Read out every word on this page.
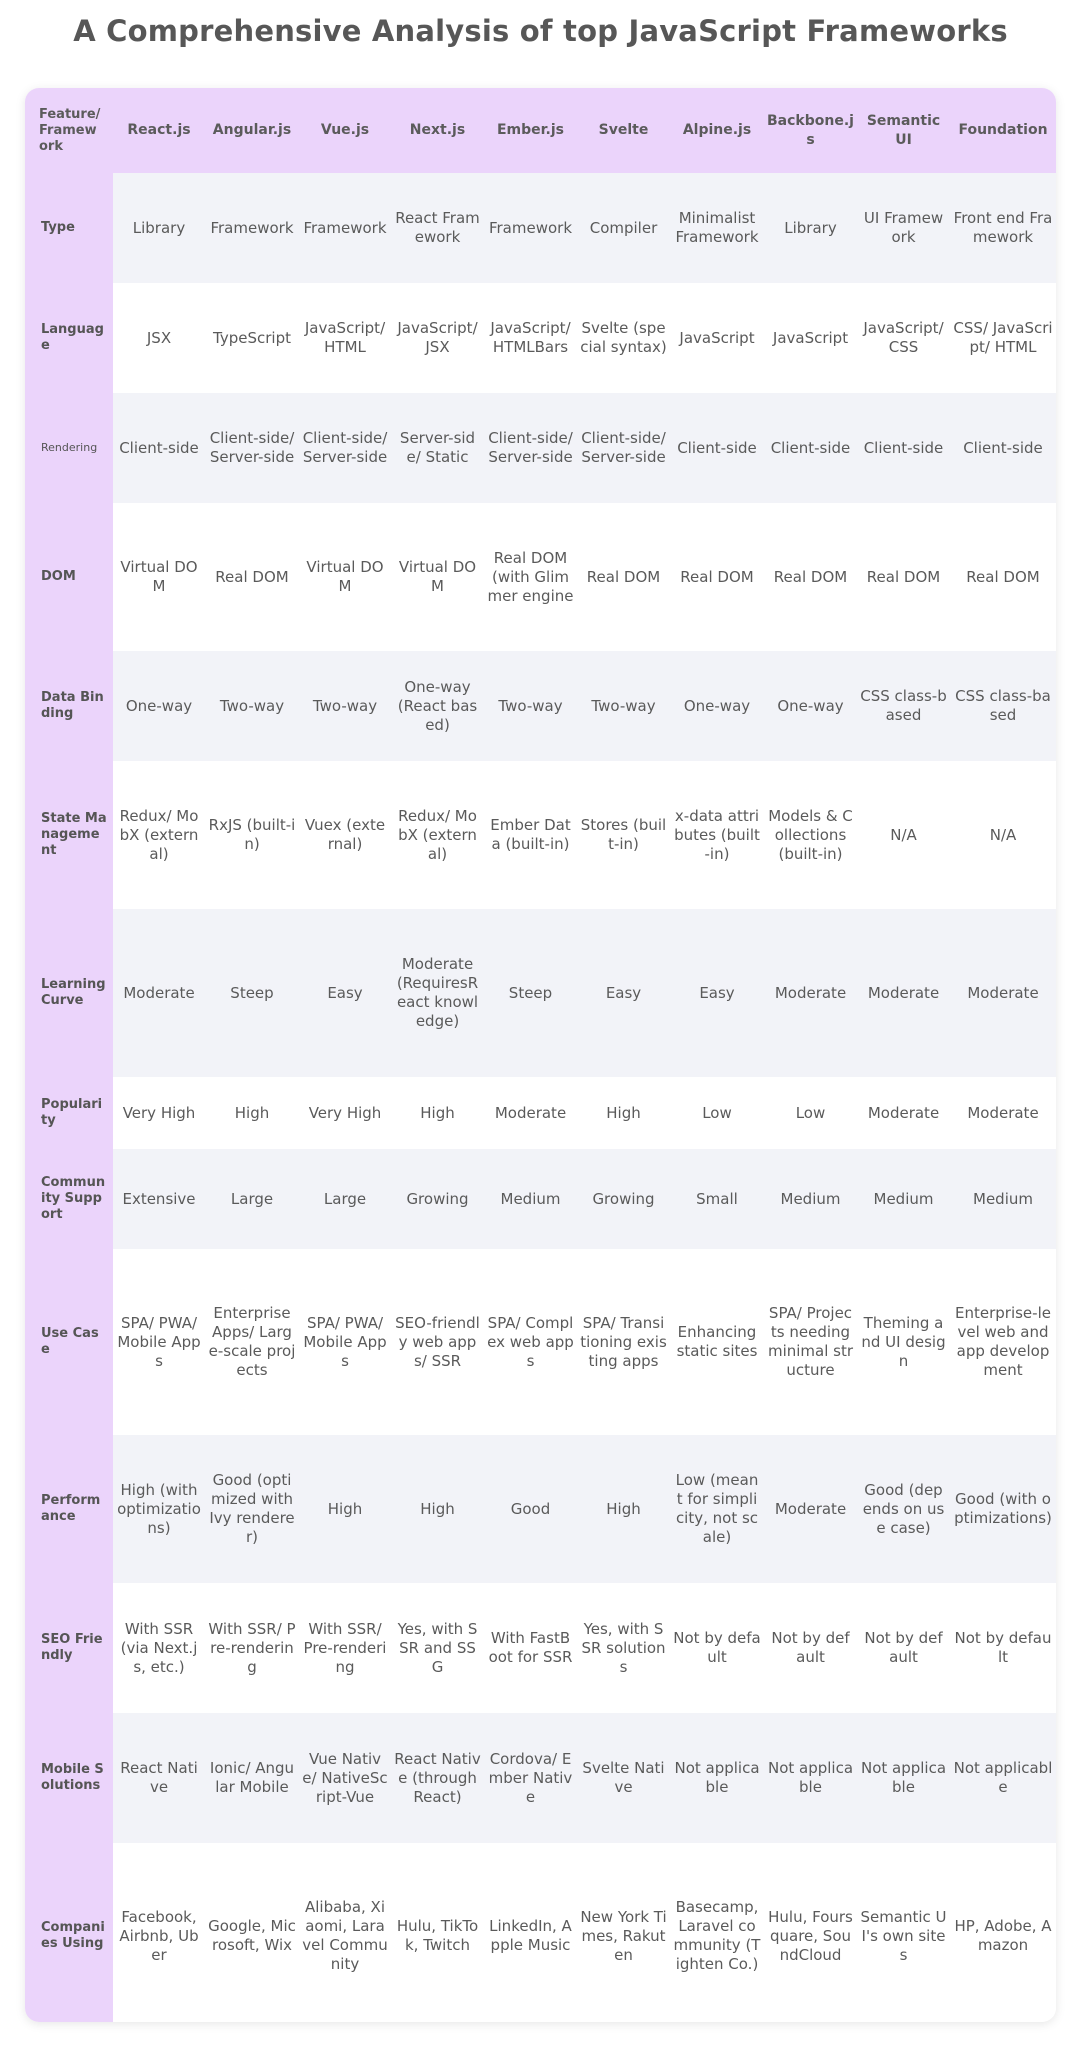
A Comprehensive Analysis of top JavaScript Frameworks
Feature/ Framew ork	React.js	Angular.js	Vue.js	Next.js	Ember.js	Svelte	Alpine.js	Backbone.js	Semantic UI	Foundation
Type	Library	Framework	Framework	React Framework	Framework	Compiler	Minimalist Framework	Library	UI Framework	Front end Framework
Language	JSX	TypeScript	JavaScript/ HTML	JavaScript/ JSX	JavaScript/ HTMLBars	Svelte (special syntax)	JavaScript	JavaScript	JavaScript/ CSS	CSS/ JavaScript/ HTML
Rendering	Client-side	Client-side/ Server-side	Client-side/ Server-side	Server-side/ Static	Client-side/ Server-side	Client-side/ Server-side	Client-side	Client-side	Client-side	Client-side
DOM	Virtual DOM	Real DOM	Virtual DOM	Virtual DOM	Real DOM (with Glimmer engine	Real DOM	Real DOM	Real DOM	Real DOM	Real DOM
Data Binding	One-way	Two-way	Two-way	One-way (React based)	Two-way	Two-way	One-way	One-way	CSS class-based	CSS class-based
State Management	Redux/ MobX (external)	RxJS (built-in)	Vuex (external)	Redux/ MobX (external)	Ember Data (built-in)	Stores (built-in)	x-data attributes (built-in)	Models & Collections (built-in)	N/A	N/A
Learning Curve	Moderate	Steep	Easy	Moderate (RequiresReact knowledge)	Steep	Easy	Easy	Moderate	Moderate	Moderate
Popularity	Very High	High	Very High	High	Moderate	High	Low	Low	Moderate	Moderate
Community Support	Extensive	Large	Large	Growing	Medium	Growing	Small	Medium	Medium	Medium
Use Case	SPA/ PWA/ Mobile Apps	Enterprise Apps/ Large-scale projects	SPA/ PWA/ Mobile Apps	SEO-friendly web apps/ SSR	SPA/ Complex web apps	SPA/ Transitioning existing apps	Enhancing static sites	SPA/ Projects needing minimal structure	Theming and UI design	Enterprise-level web and app development
Performance	High (with optimizations)	Good (optimized with Ivy renderer)	High	High	Good	High	Low (meant for simplicity, not scale)	Moderate	Good (depends on use case)	Good (with optimizations)
SEO Friendly	With SSR (via Next.js, etc.)	With SSR/ Pre-rendering	With SSR/ Pre-rendering	Yes, with SSR and SSG	With FastBoot for SSR	Yes, with SSR solutions	Not by default	Not by default	Not by default	Not by default
Mobile Solutions	React Native	Ionic/ Angular Mobile	Vue Native/ NativeScript-Vue	React Native (through React)	Cordova/ Ember Native	Svelte Native	Not applicable	Not applicable	Not applicable	Not applicable
Companies Using	Facebook, Airbnb, Uber	Google, Microsoft, Wix	Alibaba, Xiaomi, Laravel Community	Hulu, TikTok, Twitch	LinkedIn, Apple Music	New York Times, Rakuten	Basecamp, Laravel community (Tighten Co.)	Hulu, Foursquare, SoundCloud	Semantic UI's own sites	HP, Adobe, Amazon
